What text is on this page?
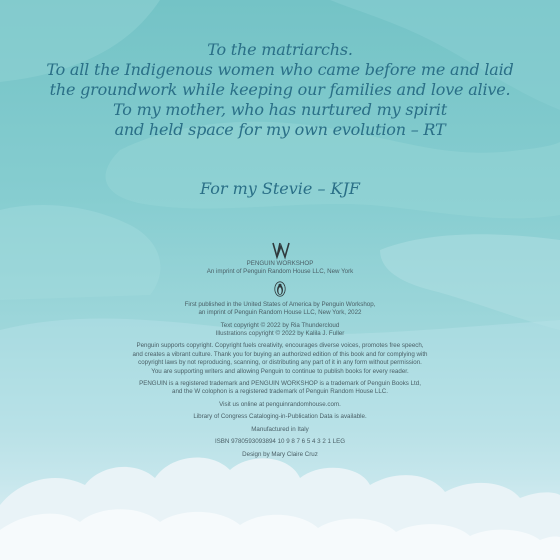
To the matriarchs.
To all the Indigenous women who came before me and laid
the groundwork while keeping our families and love alive.
To my mother, who has nurtured my spirit
and held space for my own evolution – RT
For my Stevie – KJF
PENGUIN WORKSHOP
An imprint of Penguin Random House LLC, New York
First published in the United States of America by Penguin Workshop,
an imprint of Penguin Random House LLC, New York, 2022
Text copyright © 2022 by Ria Thundercloud
Illustrations copyright © 2022 by Kalila J. Fuller
Penguin supports copyright. Copyright fuels creativity, encourages diverse voices, promotes free speech,
and creates a vibrant culture. Thank you for buying an authorized edition of this book and for complying with
copyright laws by not reproducing, scanning, or distributing any part of it in any form without permission.
You are supporting writers and allowing Penguin to continue to publish books for every reader.
PENGUIN is a registered trademark and PENGUIN WORKSHOP is a trademark of Penguin Books Ltd,
and the W colophon is a registered trademark of Penguin Random House LLC.
Visit us online at penguinrandomhouse.com.
Library of Congress Cataloging-in-Publication Data is available.
Manufactured in Italy
ISBN 9780593093894 10 9 8 7 6 5 4 3 2 1 LEG
Design by Mary Claire Cruz
